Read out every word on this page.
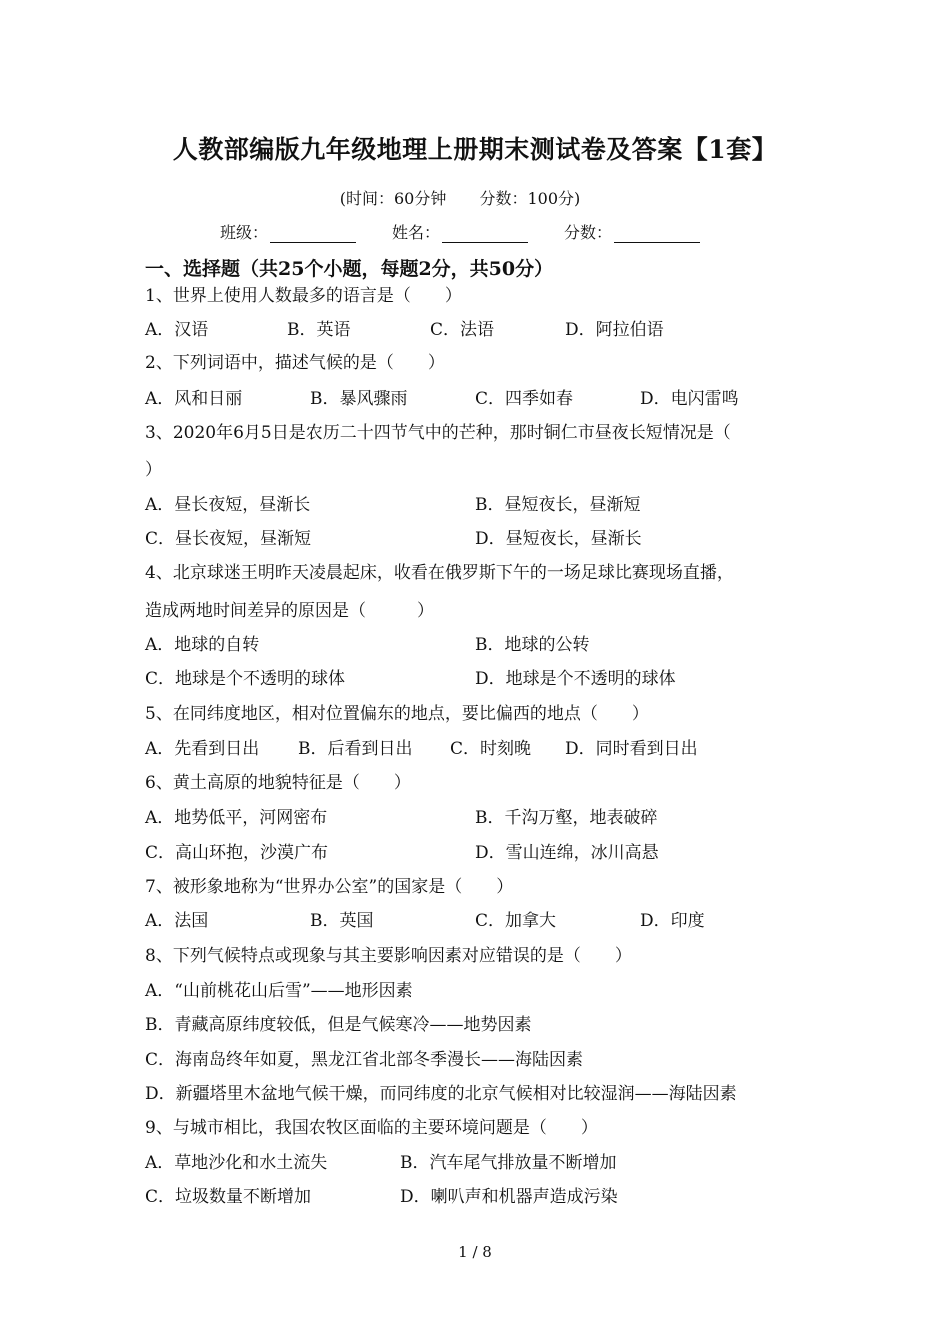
人教部编版九年级地理上册期末测试卷及答案【1套】
(时间：60分钟 分数：100分)
班级：	姓名：	分数：
一、选择题（共25个小题，每题2分，共50分）
1、世界上使用人数最多的语言是（　　）
A．汉语	B．英语	C．法语	D．阿拉伯语
2、下列词语中，描述气候的是（　　）
A．风和日丽	B．暴风骤雨	C．四季如春	D．电闪雷鸣
3、2020年6月5日是农历二十四节气中的芒种，那时铜仁市昼夜长短情况是（
）
A．昼长夜短，昼渐长	B．昼短夜长，昼渐短
C．昼长夜短，昼渐短	D．昼短夜长，昼渐长
4、北京球迷王明昨天凌晨起床，收看在俄罗斯下午的一场足球比赛现场直播，
造成两地时间差异的原因是（　　　）
A．地球的自转	B．地球的公转
C．地球是个不透明的球体	D．地球是个不透明的球体
5、在同纬度地区，相对位置偏东的地点，要比偏西的地点（　　）
A．先看到日出 B．后看到日出 C．时刻晚 D．同时看到日出
6、黄土高原的地貌特征是（　　）
A．地势低平，河网密布	B．千沟万壑，地表破碎
C．高山环抱，沙漠广布	D．雪山连绵，冰川高悬
7、被形象地称为“世界办公室”的国家是（　　）
A．法国	B．英国	C．加拿大	D．印度
8、下列气候特点或现象与其主要影响因素对应错误的是（　　）
A．“山前桃花山后雪”——地形因素
B．青藏高原纬度较低，但是气候寒冷——地势因素
C．海南岛终年如夏，黑龙江省北部冬季漫长——海陆因素
D．新疆塔里木盆地气候干燥，而同纬度的北京气候相对比较湿润——海陆因素
9、与城市相比，我国农牧区面临的主要环境问题是（　　）
A．草地沙化和水土流失	B．汽车尾气排放量不断增加
C．垃圾数量不断增加	D．喇叭声和机器声造成污染
1 / 8
